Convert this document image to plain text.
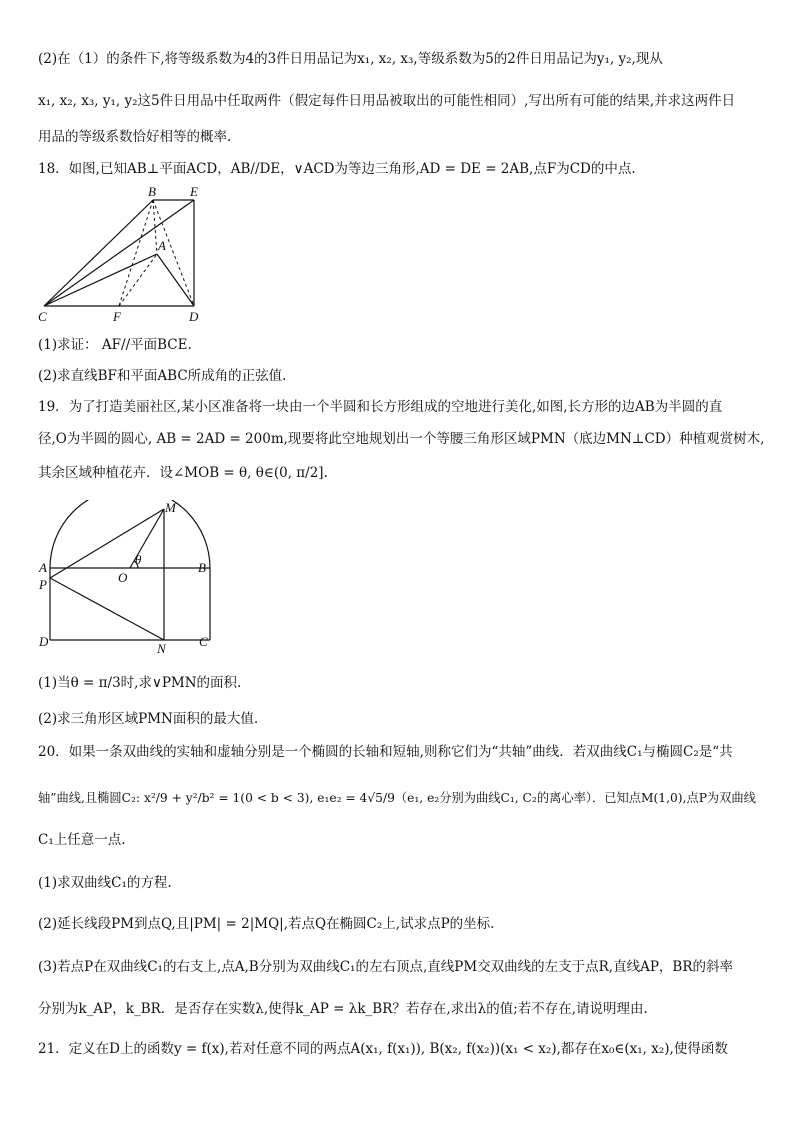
(2)在（1）的条件下,将等级系数为4的3件日用品记为x₁, x₂, x₃,等级系数为5的2件日用品记为y₁, y₂,现从
x₁, x₂, x₃, y₁, y₂这5件日用品中任取两件（假定每件日用品被取出的可能性相同）,写出所有可能的结果,并求这两件日
用品的等级系数恰好相等的概率.
18．如图,已知AB⊥平面ACD，AB//DE，∨ACD为等边三角形,AD = DE = 2AB,点F为CD的中点.
B	E
A
C	F	D
(1)求证： AF//平面BCE.
(2)求直线BF和平面ABC所成角的正弦值.
19．为了打造美丽社区,某小区准备将一块由一个半圆和长方形组成的空地进行美化,如图,长方形的边AB为半圆的直
径,O为半圆的圆心, AB = 2AD = 200m,现要将此空地规划出一个等腰三角形区域PMN（底边MN⊥CD）种植观赏树木,
其余区域种植花卉．设∠MOB = θ, θ∈(0, π/2].
M
θ
A
O
B
P
D	N	C
(1)当θ = π/3时,求∨PMN的面积.
(2)求三角形区域PMN面积的最大值.
20．如果一条双曲线的实轴和虚轴分别是一个椭圆的长轴和短轴,则称它们为“共轴”曲线．若双曲线C₁与椭圆C₂是“共
轴”曲线,且椭圆C₂: x²/9 + y²/b² = 1(0 < b < 3), e₁e₂ = 4√5/9（e₁, e₂分别为曲线C₁, C₂的离心率）．已知点M(1,0),点P为双曲线
C₁上任意一点.
(1)求双曲线C₁的方程.
(2)延长线段PM到点Q,且|PM| = 2|MQ|,若点Q在椭圆C₂上,试求点P的坐标.
(3)若点P在双曲线C₁的右支上,点A,B分别为双曲线C₁的左右顶点,直线PM交双曲线的左支于点R,直线AP，BR的斜率
分别为k_AP，k_BR．是否存在实数λ,使得k_AP = λk_BR？若存在,求出λ的值;若不存在,请说明理由.
21．定义在D上的函数y = f(x),若对任意不同的两点A(x₁, f(x₁)), B(x₂, f(x₂))(x₁ < x₂),都存在x₀∈(x₁, x₂),使得函数
